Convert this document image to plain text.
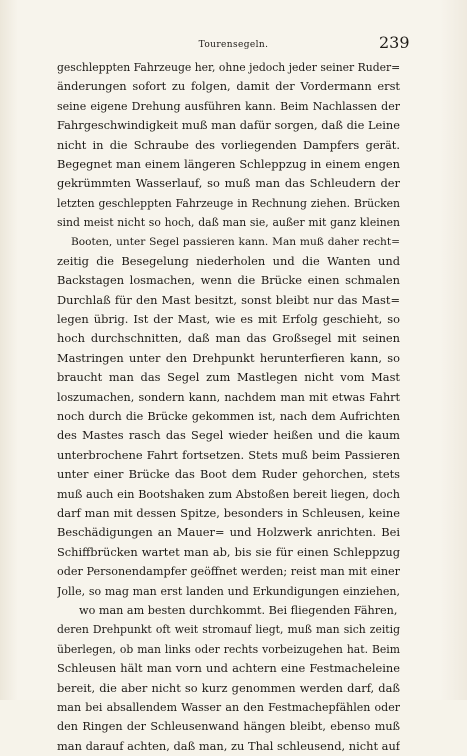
Tourensegeln.	239
geschleppten Fahrzeuge her, ohne jedoch jeder seiner Ruder=
änderungen sofort zu folgen, damit der Vordermann erst
seine eigene Drehung ausführen kann. Beim Nachlassen der
Fahrgeschwindigkeit muß man dafür sorgen, daß die Leine
nicht in die Schraube des vorliegenden Dampfers gerät.
Begegnet man einem längeren Schleppzug in einem engen
gekrümmten Wasserlauf, so muß man das Schleudern der
letzten geschleppten Fahrzeuge in Rechnung ziehen. Brücken
sind meist nicht so hoch, daß man sie, außer mit ganz kleinen
Booten, unter Segel passieren kann. Man muß daher recht=
zeitig die Besegelung niederholen und die Wanten und
Backstagen losmachen, wenn die Brücke einen schmalen
Durchlaß für den Mast besitzt, sonst bleibt nur das Mast=
legen übrig. Ist der Mast, wie es mit Erfolg geschieht, so
hoch durchschnitten, daß man das Großsegel mit seinen
Mastringen unter den Drehpunkt herunterfieren kann, so
braucht man das Segel zum Mastlegen nicht vom Mast
loszumachen, sondern kann, nachdem man mit etwas Fahrt
noch durch die Brücke gekommen ist, nach dem Aufrichten
des Mastes rasch das Segel wieder heißen und die kaum
unterbrochene Fahrt fortsetzen. Stets muß beim Passieren
unter einer Brücke das Boot dem Ruder gehorchen, stets
muß auch ein Bootshaken zum Abstoßen bereit liegen, doch
darf man mit dessen Spitze, besonders in Schleusen, keine
Beschädigungen an Mauer= und Holzwerk anrichten. Bei
Schiffbrücken wartet man ab, bis sie für einen Schleppzug
oder Personendampfer geöffnet werden; reist man mit einer
Jolle, so mag man erst landen und Erkundigungen einziehen,
wo man am besten durchkommt. Bei fliegenden Fähren,
deren Drehpunkt oft weit stromauf liegt, muß man sich zeitig
überlegen, ob man links oder rechts vorbeizugehen hat. Beim
Schleusen hält man vorn und achtern eine Festmacheleine
bereit, die aber nicht so kurz genommen werden darf, daß
man bei absallendem Wasser an den Festmachepfählen oder
den Ringen der Schleusenwand hängen bleibt, ebenso muß
man darauf achten, daß man, zu Thal schleusend, nicht auf
